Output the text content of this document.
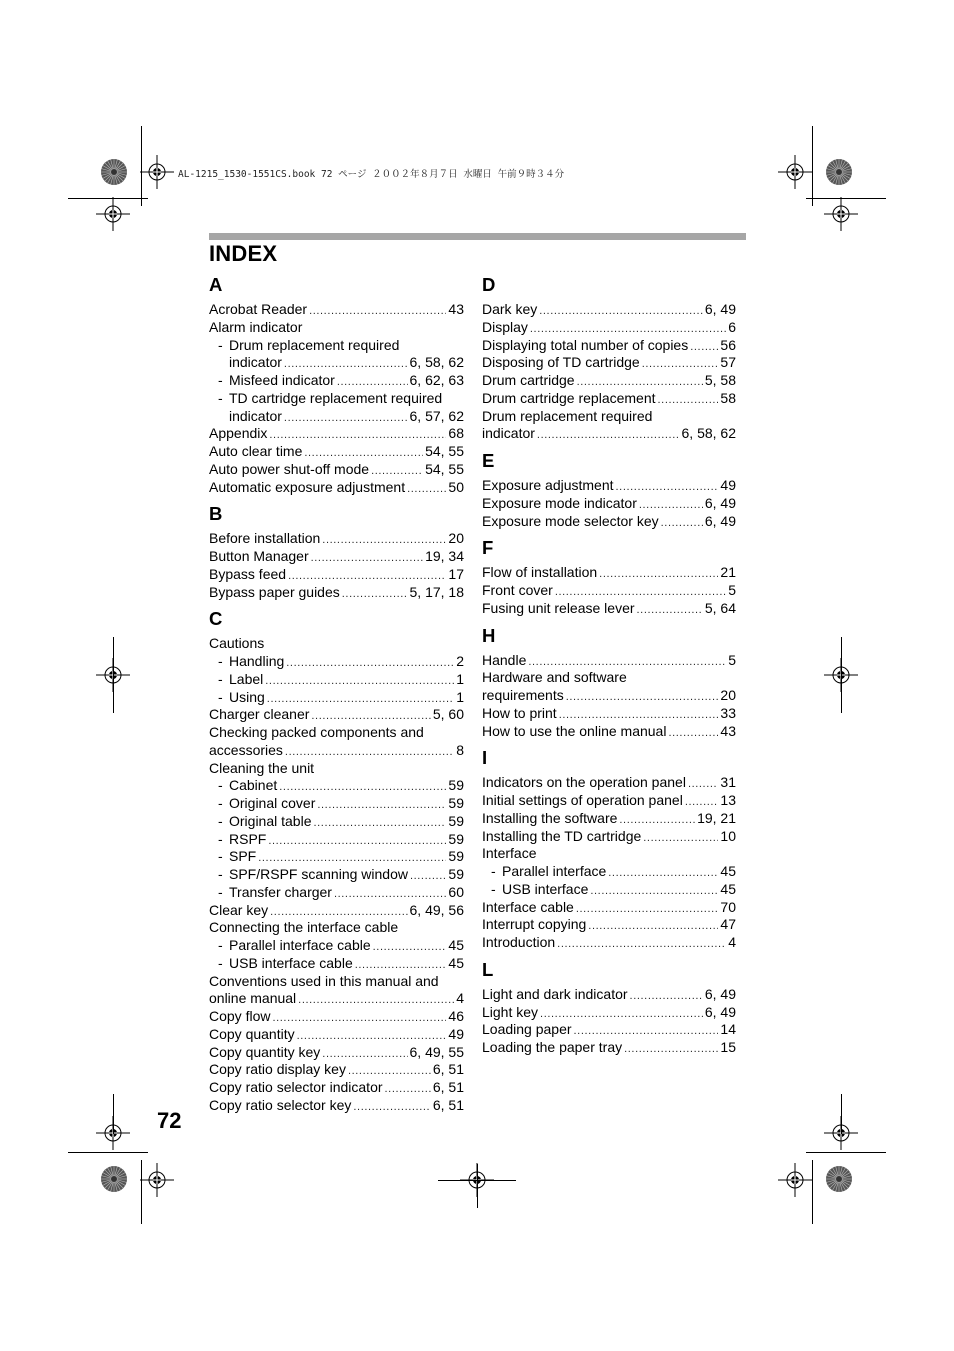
AL-1215_1530-1551CS.book 72 ページ ２００２年８月７日 水曜日 午前９時３４分
INDEX
A
Acrobat Reader .....	43
Alarm indicator
- Drum replacement required
indicator .....	6, 58, 62
- Misfeed indicator .....	6, 62, 63
- TD cartridge replacement required
indicator .....	6, 57, 62
Appendix .....	68
Auto clear time .....	54, 55
Auto power shut-off mode .....	54, 55
Automatic exposure adjustment .....	50
B
Before installation .....	20
Button Manager .....	19, 34
Bypass feed .....	17
Bypass paper guides .....	5, 17, 18
C
Cautions
- Handling .....	2
- Label .....	1
- Using .....	1
Charger cleaner .....	5, 60
Checking packed components and
accessories .....	8
Cleaning the unit
- Cabinet .....	59
- Original cover .....	59
- Original table .....	59
- RSPF .....	59
- SPF .....	59
- SPF/RSPF scanning window .....	59
- Transfer charger .....	60
Clear key .....	6, 49, 56
Connecting the interface cable
- Parallel interface cable .....	45
- USB interface cable .....	45
Conventions used in this manual and
online manual .....	4
Copy flow .....	46
Copy quantity .....	49
Copy quantity key .....	6, 49, 55
Copy ratio display key .....	6, 51
Copy ratio selector indicator .....	6, 51
Copy ratio selector key .....	6, 51
D
Dark key .....	6, 49
Display .....	6
Displaying total number of copies ..... 56
Disposing of TD cartridge .....	57
Drum cartridge .....	5, 58
Drum cartridge replacement .....	58
Drum replacement required
indicator .....	6, 58, 62
E
Exposure adjustment .....	49
Exposure mode indicator .....	6, 49
Exposure mode selector key .....	6, 49
F
Flow of installation .....	21
Front cover .....	5
Fusing unit release lever .....	5, 64
H
Handle .....	5
Hardware and software
requirements .....	20
How to print .....	33
How to use the online manual .....	43
I
Indicators on the operation panel ..... 31
Initial settings of operation panel .....	13
Installing the software .....	19, 21
Installing the TD cartridge .....	10
Interface
- Parallel interface .....	45
- USB interface .....	45
Interface cable .....	70
Interrupt copying .....	47
Introduction .....	4
L
Light and dark indicator .....	6, 49
Light key .....	6, 49
Loading paper .....	14
Loading the paper tray .....	15
72
